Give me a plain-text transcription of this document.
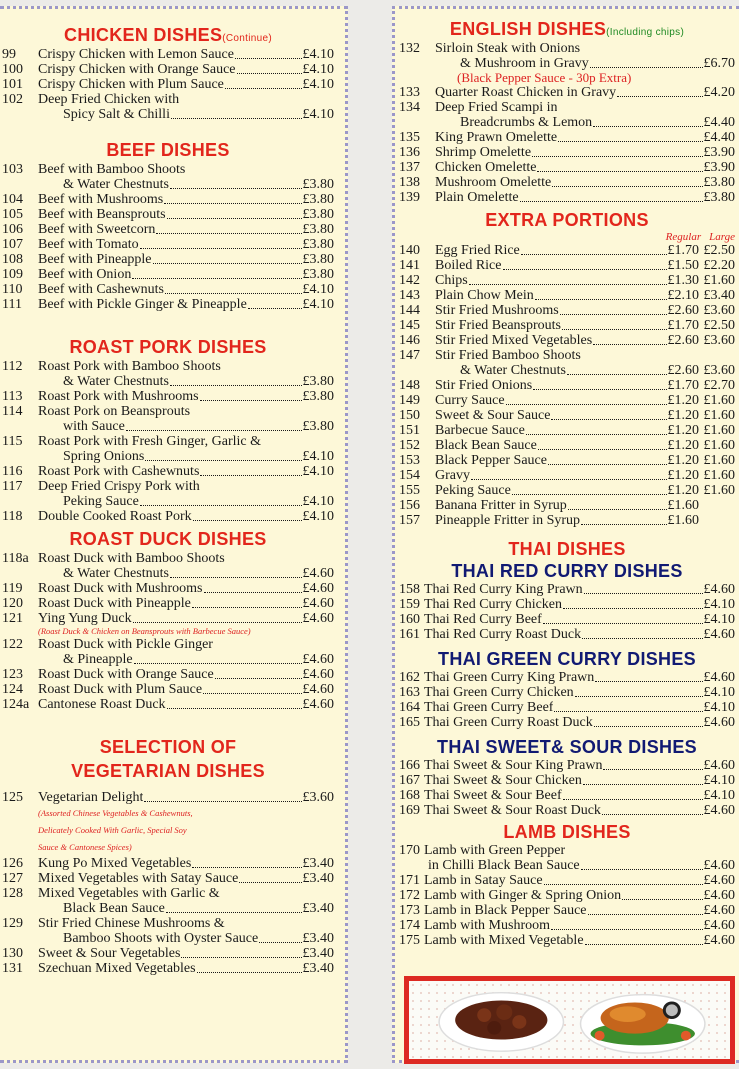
CHICKEN DISHES(Continue)
99	Crispy Chicken with Lemon Sauce	£4.10
100	Crispy Chicken with Orange Sauce	£4.10
101	Crispy Chicken with Plum Sauce	£4.10
102	Deep Fried Chicken with
Spicy Salt & Chilli	£4.10
BEEF DISHES
103	Beef with Bamboo Shoots
& Water Chestnuts	£3.80
104	Beef with Mushrooms	£3.80
105	Beef with Beansprouts	£3.80
106	Beef with Sweetcorn	£3.80
107	Beef with Tomato	£3.80
108	Beef with Pineapple	£3.80
109	Beef with Onion	£3.80
110	Beef with Cashewnuts	£4.10
111	Beef with Pickle Ginger & Pineapple	£4.10
ROAST PORK DISHES
112	Roast Pork with Bamboo Shoots
& Water Chestnuts	£3.80
113	Roast Pork with Mushrooms	£3.80
114	Roast Pork on Beansprouts
with Sauce	£3.80
115	Roast Pork with Fresh Ginger, Garlic &
Spring Onions	£4.10
116	Roast Pork with Cashewnuts	£4.10
117	Deep Fried Crispy Pork with
Peking Sauce	£4.10
118	Double Cooked Roast Pork	£4.10
ROAST DUCK DISHES
118a Roast Duck with Bamboo Shoots
& Water Chestnuts	£4.60
119	Roast Duck with Mushrooms	£4.60
120	Roast Duck with Pineapple	£4.60
121	Ying Yung Duck	£4.60
(Roast Duck & Chicken on Beansprouts with Barbecue Sauce)
122	Roast Duck with Pickle Ginger
& Pineapple	£4.60
123	Roast Duck with Orange Sauce	£4.60
124	Roast Duck with Plum Sauce	£4.60
124a Cantonese Roast Duck	£4.60
SELECTION OF
VEGETARIAN DISHES
125	Vegetarian Delight	£3.60
(Assorted Chinese Vegetables & Cashewnuts,
Delicately Cooked With Garlic, Special Soy
Sauce & Cantonese Spices)
126	Kung Po Mixed Vegetables	£3.40
127	Mixed Vegetables with Satay Sauce	£3.40
128	Mixed Vegetables with Garlic &
Black Bean Sauce	£3.40
129	Stir Fried Chinese Mushrooms &
Bamboo Shoots with Oyster Sauce	£3.40
130	Sweet & Sour Vegetables	£3.40
131	Szechuan Mixed Vegetables	£3.40
ENGLISH DISHES(Including chips)
132	Sirloin Steak with Onions
& Mushroom in Gravy	£6.70
(Black Pepper Sauce - 30p Extra)
133	Quarter Roast Chicken in Gravy	£4.20
134	Deep Fried Scampi in
Breadcrumbs & Lemon	£4.40
135	King Prawn Omelette	£4.40
136	Shrimp Omelette	£3.90
137	Chicken Omelette	£3.90
138	Mushroom Omelette	£3.80
139	Plain Omelette	£3.80
EXTRA PORTIONS
Regular Large
140	Egg Fried Rice	£1.70 £2.50
141	Boiled Rice	£1.50 £2.20
142	Chips	£1.30 £1.60
143	Plain Chow Mein	£2.10 £3.40
144	Stir Fried Mushrooms	£2.60 £3.60
145	Stir Fried Beansprouts	£1.70 £2.50
146	Stir Fried Mixed Vegetables	£2.60 £3.60
147	Stir Fried Bamboo Shoots
& Water Chestnuts	£2.60 £3.60
148	Stir Fried Onions	£1.70 £2.70
149	Curry Sauce	£1.20 £1.60
150	Sweet & Sour Sauce	£1.20 £1.60
151	Barbecue Sauce	£1.20 £1.60
152	Black Bean Sauce	£1.20 £1.60
153	Black Pepper Sauce	£1.20 £1.60
154	Gravy	£1.20 £1.60
155	Peking Sauce	£1.20 £1.60
156	Banana Fritter in Syrup	£1.60
157	Pineapple Fritter in Syrup	£1.60
THAI DISHES
THAI RED CURRY DISHES
158 Thai Red Curry King Prawn	£4.60
159 Thai Red Curry Chicken	£4.10
160 Thai Red Curry Beef	£4.10
161 Thai Red Curry Roast Duck	£4.60
THAI GREEN CURRY DISHES
162 Thai Green Curry King Prawn	£4.60
163 Thai Green Curry Chicken	£4.10
164 Thai Green Curry Beef	£4.10
165 Thai Green Curry Roast Duck	£4.60
THAI SWEET& SOUR DISHES
166 Thai Sweet & Sour King Prawn	£4.60
167 Thai Sweet & Sour Chicken	£4.10
168 Thai Sweet & Sour Beef	£4.10
169 Thai Sweet & Sour Roast Duck	£4.60
LAMB DISHES
170 Lamb with Green Pepper
in Chilli Black Bean Sauce	£4.60
171 Lamb in Satay Sauce	£4.60
172 Lamb with Ginger & Spring Onion	£4.60
173 Lamb in Black Pepper Sauce	£4.60
174 Lamb with Mushroom	£4.60
175 Lamb with Mixed Vegetable	£4.60
